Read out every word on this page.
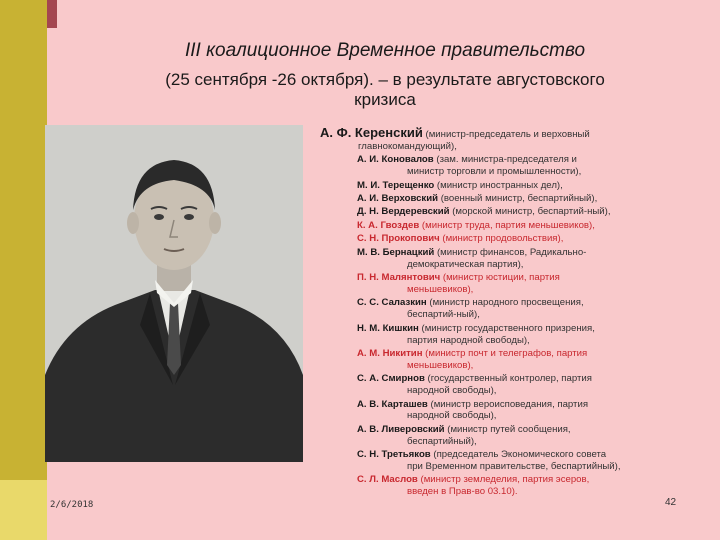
III коалиционное Временное правительство
(25 сентября -26 октября). – в результате августовского
кризиса
А. Ф. Керенский (министр-председатель и верховный
главнокомандующий),
А. И. Коновалов (зам. министра-председателя и
министр торговли и промышленности),
М. И. Терещенко (министр иностранных дел),
А. И. Верховский (военный министр, беспартийный),
Д. Н. Вердеревский (морской министр, беспартий-ный),
К. А. Гвоздев (министр труда, партия меньшевиков),
С. Н. Прокопович (министр продовольствия),
М. В. Бернацкий (министр финансов, Радикально-
демократическая партия),
П. Н. Малянтович (министр юстиции, партия
меньшевиков),
С. С. Салазкин (министр народного просвещения,
беспартий-ный),
Н. М. Кишкин (министр государственного призрения,
партия народной свободы),
А. М. Никитин (министр почт и телеграфов, партия
меньшевиков),
С. А. Смирнов (государственный контролер, партия
народной свободы),
А. В. Карташев (министр вероисповедания, партия
народной свободы),
А. В. Ливеровский (министр путей сообщения,
беспартийный),
С. Н. Третьяков (председатель Экономического совета
при Временном правительстве, беспартийный),
С. Л. Маслов (министр земледелия, партия эсеров,
введен в Прав-во 03.10).
2/6/2018	42
